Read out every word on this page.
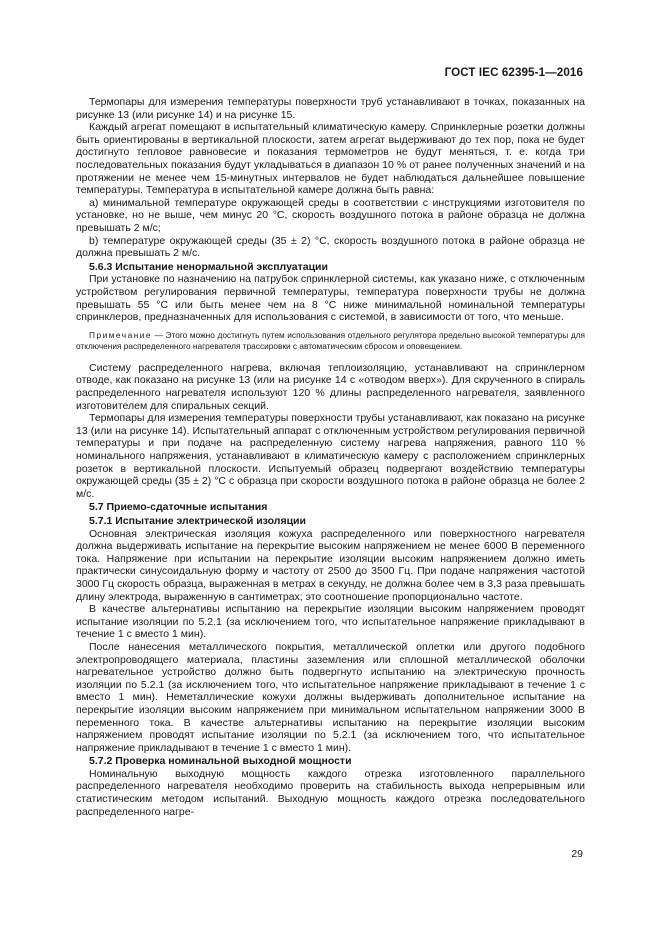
ГОСТ IEC 62395-1—2016

Термопары для измерения температуры поверхности труб устанавливают в точках, показанных на рисунке 13 (или рисунке 14) и на рисунке 15.

Каждый агрегат помещают в испытательный климатическую камеру. Спринклерные розетки должны быть ориентированы в вертикальной плоскости, затем агрегат выдерживают до тех пор, пока не будет достигнуто тепловое равновесие и показания термометров не будут меняться, т. е. когда три последовательных показания будут укладываться в диапазон 10 % от ранее полученных значений и на протяжении не менее чем 15-минутных интервалов не будет наблюдаться дальнейшее повышение температуры. Температура в испытательной камере должна быть равна:

a) минимальной температуре окружающей среды в соответствии с инструкциями изготовителя по установке, но не выше, чем минус 20 °С, скорость воздушного потока в районе образца не должна превышать 2 м/с;

b) температуре окружающей среды (35 ± 2) °С, скорость воздушного потока в районе образца не должна превышать 2 м/с.

5.6.3 Испытание ненормальной эксплуатации

При установке по назначению на патрубок спринклерной системы, как указано ниже, с отключенным устройством регулирования первичной температуры, температура поверхности трубы не должна превышать 55 °С или быть менее чем на 8 °С ниже минимальной номинальной температуры спринклеров, предназначенных для использования с системой, в зависимости от того, что меньше.

Примечание — Этого можно достигнуть путем использования отдельного регулятора предельно высокой температуры для отключения распределенного нагревателя трассировки с автоматическим сбросом и оповещением.

Систему распределенного нагрева, включая теплоизоляцию, устанавливают на спринклерном отводе, как показано на рисунке 13 (или на рисунке 14 с «отводом вверх»). Для скрученного в спираль распределенного нагревателя используют 120 % длины распределенного нагревателя, заявленного изготовителем для спиральных секций.

Термопары для измерения температуры поверхности трубы устанавливают, как показано на рисунке 13 (или на рисунке 14). Испытательный аппарат с отключенным устройством регулирования первичной температуры и при подаче на распределенную систему нагрева напряжения, равного 110 % номинального напряжения, устанавливают в климатическую камеру с расположением спринклерных розеток в вертикальной плоскости. Испытуемый образец подвергают воздействию температуры окружающей среды (35 ± 2) °С с образца при скорости воздушного потока в районе образца не более 2 м/с.

5.7 Приемо-сдаточные испытания

5.7.1 Испытание электрической изоляции

Основная электрическая изоляция кожуха распределенного или поверхностного нагревателя должна выдерживать испытание на перекрытие высоким напряжением не менее 6000 В переменного тока. Напряжение при испытании на перекрытие изоляции высоким напряжением должно иметь практически синусоидальную форму и частоту от 2500 до 3500 Гц. При подаче напряжения частотой 3000 Гц скорость образца, выраженная в метрах в секунду, не должна более чем в 3,3 раза превышать длину электрода, выраженную в сантиметрах; это соотношение пропорционально частоте.

В качестве альтернативы испытанию на перекрытие изоляции высоким напряжением проводят испытание изоляции по 5.2.1 (за исключением того, что испытательное напряжение прикладывают в течение 1 с вместо 1 мин).

После нанесения металлического покрытия, металлической оплетки или другого подобного электропроводящего материала, пластины заземления или сплошной металлической оболочки нагревательное устройство должно быть подвергнуто испытанию на электрическую прочность изоляции по 5.2.1 (за исключением того, что испытательное напряжение прикладывают в течение 1 с вместо 1 мин). Неметаллические кожухи должны выдерживать дополнительное испытание на перекрытие изоляции высоким напряжением при минимальном испытательном напряжении 3000 В переменного тока. В качестве альтернативы испытанию на перекрытие изоляции высоким напряжением проводят испытание изоляции по 5.2.1 (за исключением того, что испытательное напряжение прикладывают в течение 1 с вместо 1 мин).

5.7.2 Проверка номинальной выходной мощности

Номинальную выходную мощность каждого отрезка изготовленного параллельного распределенного нагревателя необходимо проверить на стабильность выхода непрерывным или статистическим методом испытаний. Выходную мощность каждого отрезка последовательного распределенного нагре-

29
